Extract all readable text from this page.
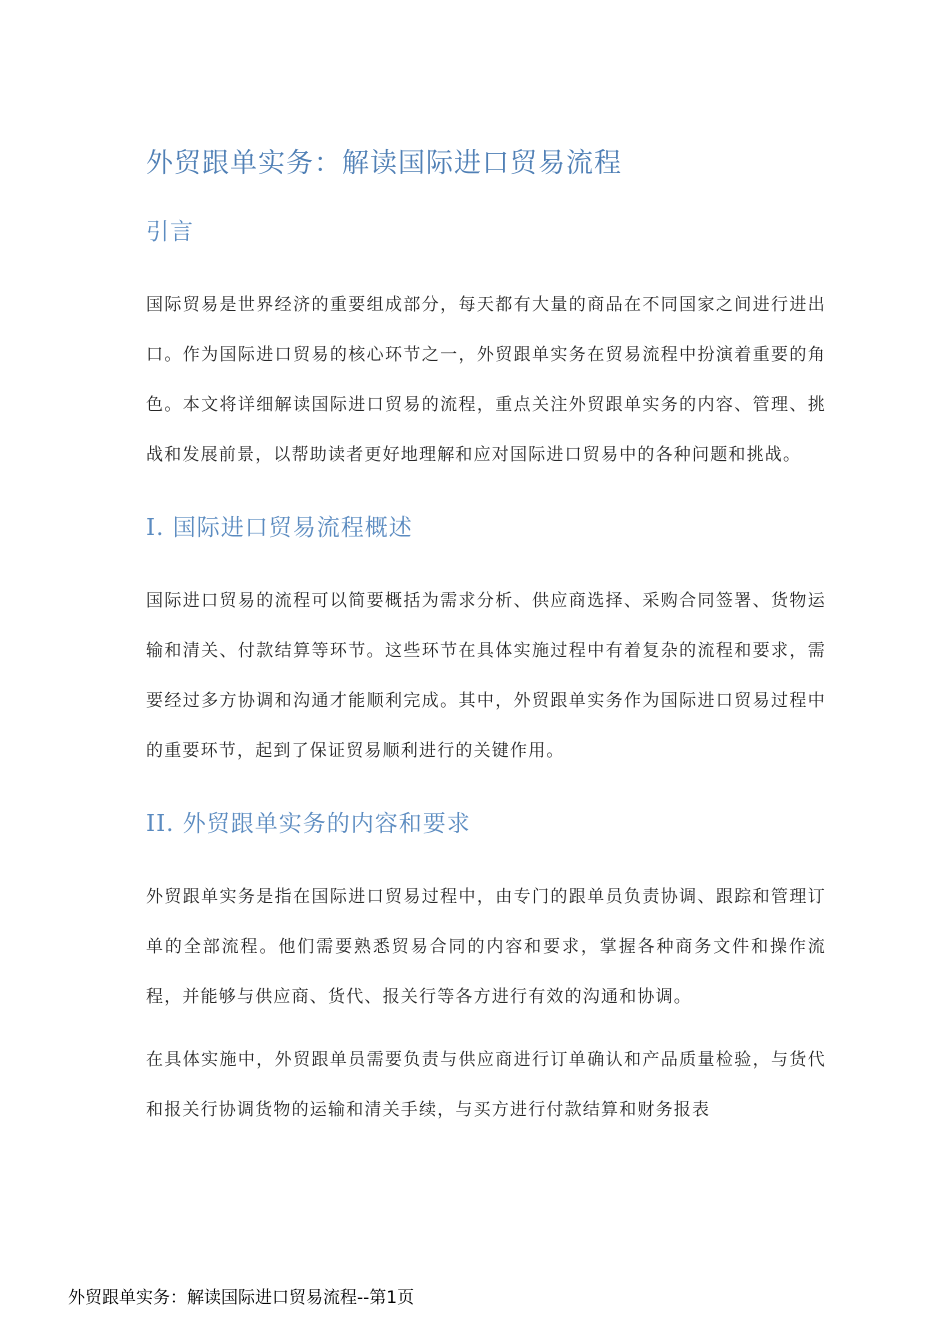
外贸跟单实务：解读国际进口贸易流程
引言

国际贸易是世界经济的重要组成部分，每天都有大量的商品在不同国家之间进行进出口。作为国际进口贸易的核心环节之一，外贸跟单实务在贸易流程中扮演着重要的角色。本文将详细解读国际进口贸易的流程，重点关注外贸跟单实务的内容、管理、挑战和发展前景，以帮助读者更好地理解和应对国际进口贸易中的各种问题和挑战。

I. 国际进口贸易流程概述

国际进口贸易的流程可以简要概括为需求分析、供应商选择、采购合同签署、货物运输和清关、付款结算等环节。这些环节在具体实施过程中有着复杂的流程和要求，需要经过多方协调和沟通才能顺利完成。其中，外贸跟单实务作为国际进口贸易过程中的重要环节，起到了保证贸易顺利进行的关键作用。

II. 外贸跟单实务的内容和要求

外贸跟单实务是指在国际进口贸易过程中，由专门的跟单员负责协调、跟踪和管理订单的全部流程。他们需要熟悉贸易合同的内容和要求，掌握各种商务文件和操作流程，并能够与供应商、货代、报关行等各方进行有效的沟通和协调。

在具体实施中，外贸跟单员需要负责与供应商进行订单确认和产品质量检验，与货代和报关行协调货物的运输和清关手续，与买方进行付款结算和财务报表

外贸跟单实务：解读国际进口贸易流程--第1页
